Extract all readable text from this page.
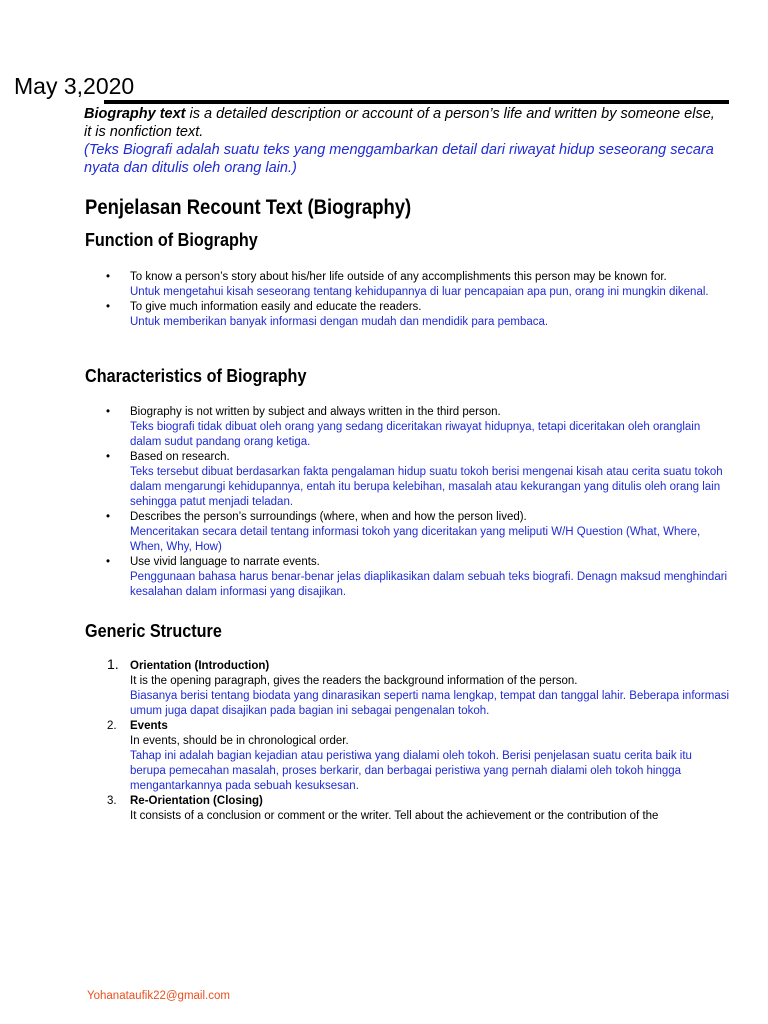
May 3,2020
Biography text is a detailed description or account of a person’s life and written by someone else, it is nonfiction text.
(Teks Biografi adalah suatu teks yang menggambarkan detail dari riwayat hidup seseorang secara nyata dan ditulis oleh orang lain.)
Penjelasan Recount Text (Biography)
Function of Biography
• To know a person’s story about his/her life outside of any accomplishments this person may be known for.
Untuk mengetahui kisah seseorang tentang kehidupannya di luar pencapaian apa pun, orang ini mungkin dikenal.
• To give much information easily and educate the readers.
Untuk memberikan banyak informasi dengan mudah dan mendidik para pembaca.
Characteristics of Biography
• Biography is not written by subject and always written in the third person.
Teks biografi tidak dibuat oleh orang yang sedang diceritakan riwayat hidupnya, tetapi diceritakan oleh oranglain dalam sudut pandang orang ketiga.
• Based on research.
Teks tersebut dibuat berdasarkan fakta pengalaman hidup suatu tokoh berisi mengenai kisah atau cerita suatu tokoh dalam mengarungi kehidupannya, entah itu berupa kelebihan, masalah atau kekurangan yang ditulis oleh orang lain sehingga patut menjadi teladan.
• Describes the person’s surroundings (where, when and how the person lived).
Menceritakan secara detail tentang informasi tokoh yang diceritakan yang meliputi W/H Question (What, Where, When, Why, How)
• Use vivid language to narrate events.
Penggunaan bahasa harus benar-benar jelas diaplikasikan dalam sebuah teks biografi. Denagn maksud menghindari kesalahan dalam informasi yang disajikan.
Generic Structure
1. Orientation (Introduction)
It is the opening paragraph, gives the readers the background information of the person.
Biasanya berisi tentang biodata yang dinarasikan seperti nama lengkap, tempat dan tanggal lahir. Beberapa informasi umum juga dapat disajikan pada bagian ini sebagai pengenalan tokoh.
2. Events
In events, should be in chronological order.
Tahap ini adalah bagian kejadian atau peristiwa yang dialami oleh tokoh. Berisi penjelasan suatu cerita baik itu berupa pemecahan masalah, proses berkarir, dan berbagai peristiwa yang pernah dialami oleh tokoh hingga mengantarkannya pada sebuah kesuksesan.
3. Re-Orientation (Closing)
It consists of a conclusion or comment or the writer. Tell about the achievement or the contribution of the
Yohanataufik22@gmail.com
